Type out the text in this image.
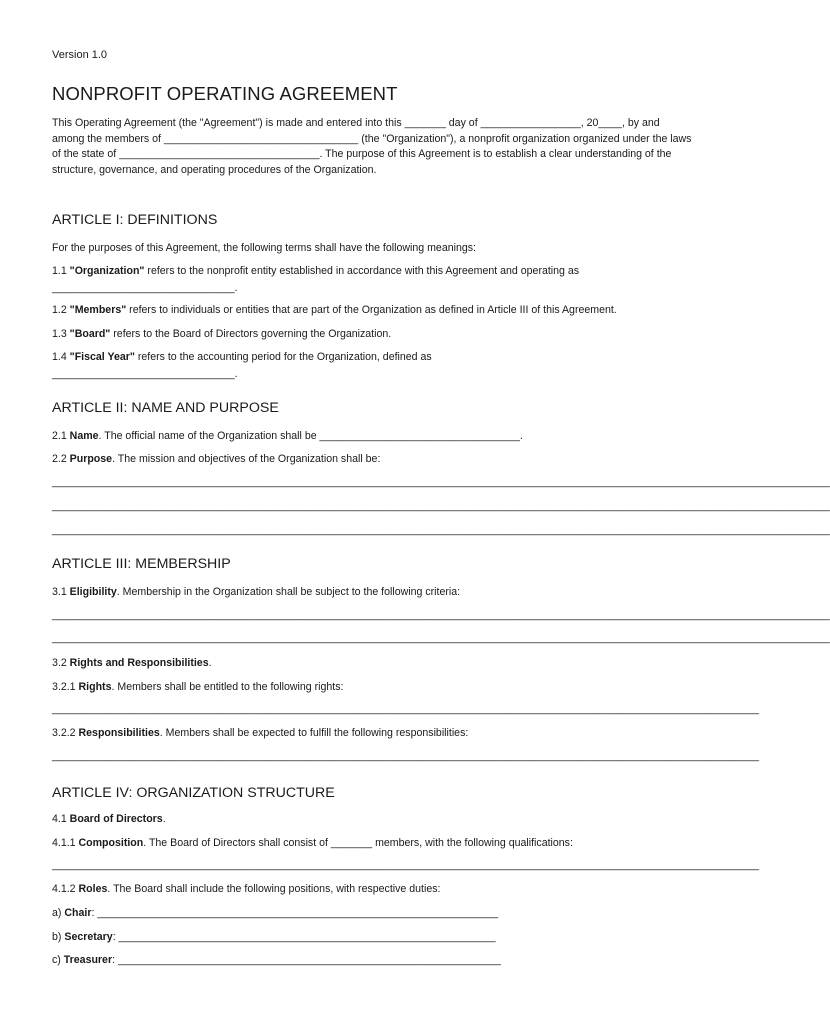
Version 1.0
NONPROFIT OPERATING AGREEMENT

This Operating Agreement (the "Agreement") is made and entered into this _______ day of _________________, 20____, by and among the members of _________________________________ (the "Organization"), a nonprofit organization organized under the laws of the state of __________________________________. The purpose of this Agreement is to establish a clear understanding of the structure, governance, and operating procedures of the Organization.

ARTICLE I: DEFINITIONS

For the purposes of this Agreement, the following terms shall have the following meanings:

1.1 "Organization" refers to the nonprofit entity established in accordance with this Agreement and operating as

_______________________________.

1.2 "Members" refers to individuals or entities that are part of the Organization as defined in Article III of this Agreement.

1.3 "Board" refers to the Board of Directors governing the Organization.

1.4 "Fiscal Year" refers to the accounting period for the Organization, defined as

_______________________________.

ARTICLE II: NAME AND PURPOSE

2.1 Name. The official name of the Organization shall be __________________________________.

2.2 Purpose. The mission and objectives of the Organization shall be:

____________________________________________________________________________________________________________________________________

____________________________________________________________________________________________________________________________________

____________________________________________________________________________________________________________________________________

ARTICLE III: MEMBERSHIP

3.1 Eligibility. Membership in the Organization shall be subject to the following criteria:

____________________________________________________________________________________________________________________________________

____________________________________________________________________________________________________________________________________

3.2 Rights and Responsibilities.

3.2.1 Rights. Members shall be entitled to the following rights:

________________________________________________________________________________________________________________________

3.2.2 Responsibilities. Members shall be expected to fulfill the following responsibilities:

________________________________________________________________________________________________________________________

ARTICLE IV: ORGANIZATION STRUCTURE

4.1 Board of Directors.

4.1.1 Composition. The Board of Directors shall consist of _______ members, with the following qualifications:

________________________________________________________________________________________________________________________

4.1.2 Roles. The Board shall include the following positions, with respective duties:

a) Chair: ____________________________________________________________________

b) Secretary: ________________________________________________________________

c) Treasurer: _________________________________________________________________
